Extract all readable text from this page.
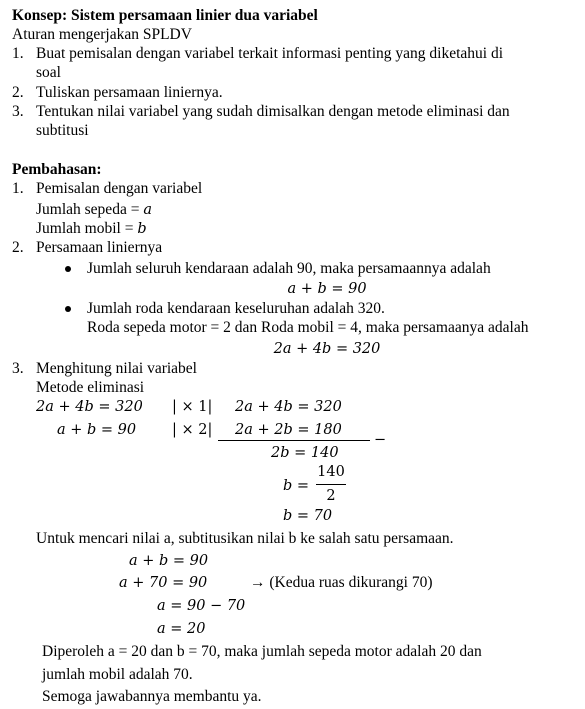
Konsep: Sistem persamaan linier dua variabel
Aturan mengerjakan SPLDV
1. Buat pemisalan dengan variabel terkait informasi penting yang diketahui di
soal
2. Tuliskan persamaan liniernya.
3. Tentukan nilai variabel yang sudah dimisalkan dengan metode eliminasi dan
subtitusi
Pembahasan:
1. Pemisalan dengan variabel
Jumlah sepeda = a
Jumlah mobil = b
2. Persamaan liniernya
Jumlah seluruh kendaraan adalah 90, maka persamaannya adalah
a + b = 90
Jumlah roda kendaraan keseluruhan adalah 320.
Roda sepeda motor = 2 dan Roda mobil = 4, maka persamaanya adalah
2a + 4b = 320
3. Menghitung nilai variabel
Metode eliminasi
2a + 4b = 320 | × 1| 2a + 4b = 320
a + b = 90 | × 2| 2a + 2b = 180
−
2b = 140
b =
140
2
b = 70
Untuk mencari nilai a, subtitusikan nilai b ke salah satu persamaan.
a + b = 90
a + 70 = 90	→ (Kedua ruas dikurangi 70)
a = 90 − 70
a = 20
Diperoleh a = 20 dan b = 70, maka jumlah sepeda motor adalah 20 dan
jumlah mobil adalah 70.
Semoga jawabannya membantu ya.
